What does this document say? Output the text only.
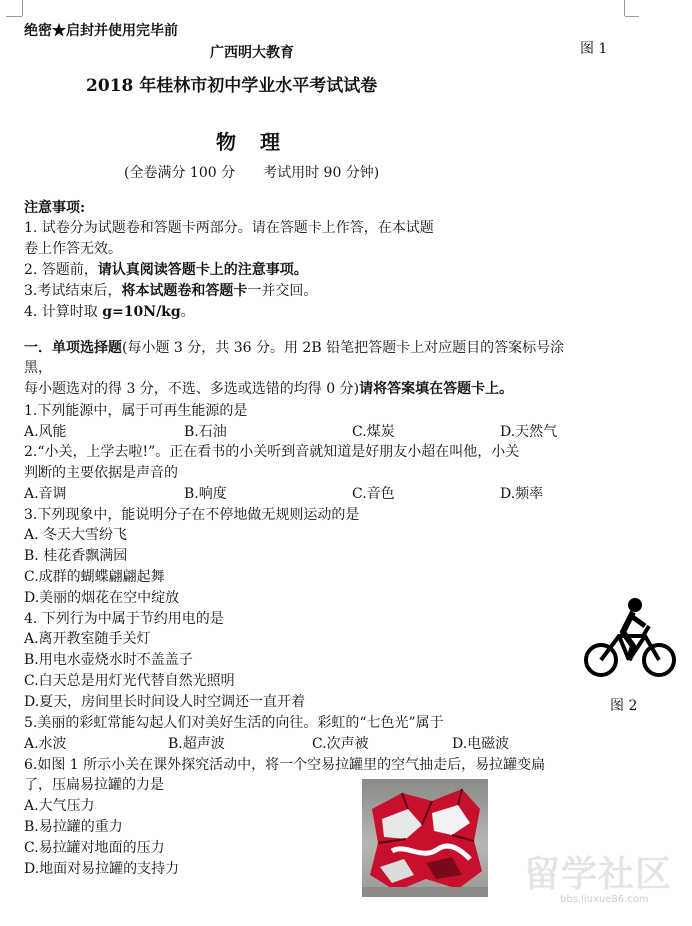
绝密★启封并使用完毕前
广西明大教育	图 1
2018 年桂林市初中学业水平考试试卷
物　理
(全卷满分 100 分　　考试用时 90 分钟)
注意事项:
1. 试卷分为试题卷和答题卡两部分。请在答题卡上作答，在本试题
卷上作答无效。
2. 答题前，请认真阅读答题卡上的注意事项。
3.考试结束后，将本试题卷和答题卡一并交回。
4. 计算时取 g=10N/kg。
一．单项选择题(每小题 3 分，共 36 分。用 2B 铅笔把答题卡上对应题目的答案标号涂
黑，
每小题选对的得 3 分，不选、多选或选错的均得 0 分)请将答案填在答题卡上。
1.下列能源中，属于可再生能源的是
A.风能	B.石油	C.煤炭	D.天然气
2.“小关，上学去啦!”。正在看书的小关听到音就知道是好朋友小超在叫他，小关
判断的主要依据是声音的
A.音调	B.响度	C.音色	D.频率
3.下列现象中，能说明分子在不停地做无规则运动的是
A. 冬天大雪纷飞
B. 桂花香飘满园
C.成群的蝴蝶翩翩起舞
D.美丽的烟花在空中绽放
4. 下列行为中属于节约用电的是
A.离开教室随手关灯
B.用电水壶烧水时不盖盖子
C.白天总是用灯光代替自然光照明
D.夏天，房间里长时间设人时空调还一直开着	图 2
5.美丽的彩虹常能勾起人们对美好生活的向往。彩虹的“七色光”属于
A.水波	B.超声波	C.次声被	D.电磁波
6.如图 1 所示小关在课外探究活动中，将一个空易拉罐里的空气抽走后，易拉罐变扁
了，压扁易拉罐的力是
A.大气压力
B.易拉罐的重力
C.易拉罐对地面的压力
D.地面对易拉罐的支持力	留学社区
bbs.liuxue86.com
